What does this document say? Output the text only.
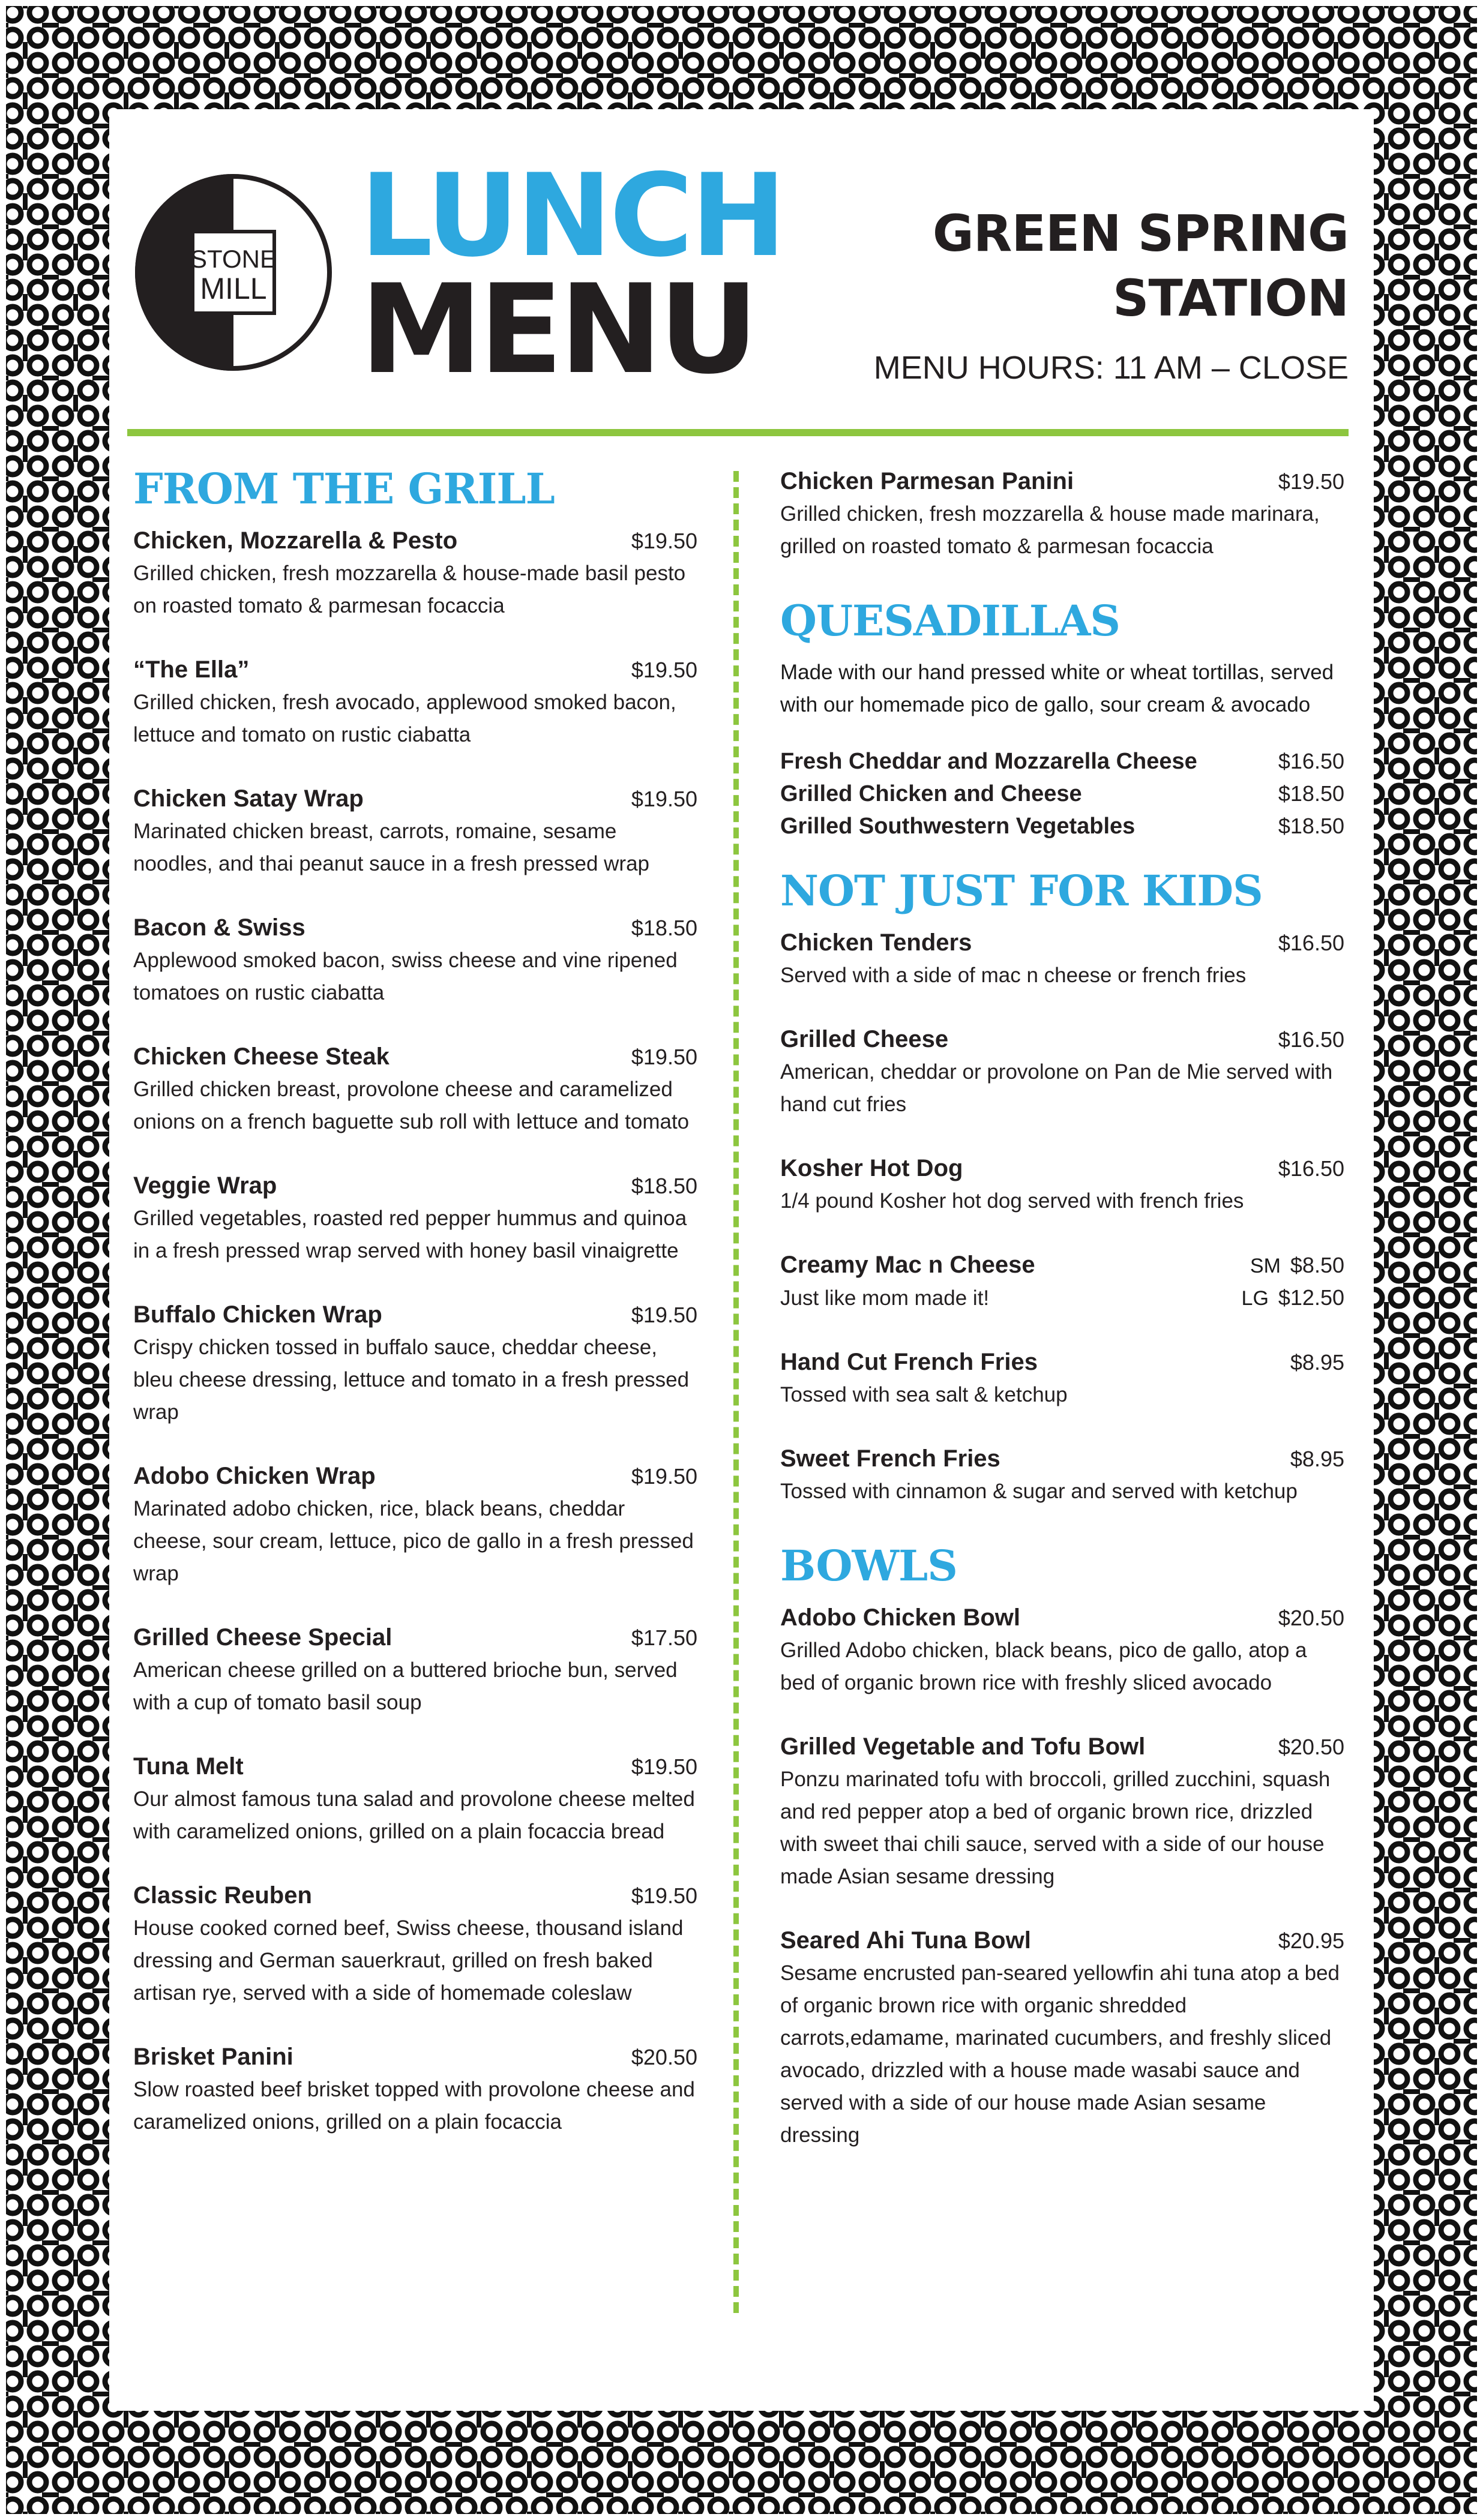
STONE
MILL
LUNCH
MENU
GREEN SPRING
STATION
MENU HOURS: 11 AM – CLOSE
FROM THE GRILL
Chicken, Mozzarella & Pesto	$19.50
Grilled chicken, fresh mozzarella & house-made basil pesto on roasted tomato & parmesan focaccia
“The Ella”	$19.50
Grilled chicken, fresh avocado, applewood smoked bacon, lettuce and tomato on rustic ciabatta
Chicken Satay Wrap	$19.50
Marinated chicken breast, carrots, romaine, sesame noodles, and thai peanut sauce in a fresh pressed wrap
Bacon & Swiss	$18.50
Applewood smoked bacon, swiss cheese and vine ripened tomatoes on rustic ciabatta
Chicken Cheese Steak	$19.50
Grilled chicken breast, provolone cheese and caramelized onions on a french baguette sub roll with lettuce and tomato
Veggie Wrap	$18.50
Grilled vegetables, roasted red pepper hummus and quinoa in a fresh pressed wrap served with honey basil vinaigrette
Buffalo Chicken Wrap	$19.50
Crispy chicken tossed in buffalo sauce, cheddar cheese, bleu cheese dressing, lettuce and tomato in a fresh pressed wrap
Adobo Chicken Wrap	$19.50
Marinated adobo chicken, rice, black beans, cheddar cheese, sour cream, lettuce, pico de gallo in a fresh pressed wrap
Grilled Cheese Special	$17.50
American cheese grilled on a buttered brioche bun, served with a cup of tomato basil soup
Tuna Melt	$19.50
Our almost famous tuna salad and provolone cheese melted with caramelized onions, grilled on a plain focaccia bread
Classic Reuben	$19.50
House cooked corned beef, Swiss cheese, thousand island dressing and German sauerkraut, grilled on fresh baked artisan rye, served with a side of homemade coleslaw
Brisket Panini	$20.50
Slow roasted beef brisket topped with provolone cheese and caramelized onions, grilled on a plain focaccia
Chicken Parmesan Panini	$19.50
Grilled chicken, fresh mozzarella & house made marinara, grilled on roasted tomato & parmesan focaccia
QUESADILLAS
Made with our hand pressed white or wheat tortillas, served with our homemade pico de gallo, sour cream & avocado
Fresh Cheddar and Mozzarella Cheese	$16.50
Grilled Chicken and Cheese	$18.50
Grilled Southwestern Vegetables	$18.50
NOT JUST FOR KIDS
Chicken Tenders	$16.50
Served with a side of mac n cheese or french fries
Grilled Cheese	$16.50
American, cheddar or provolone on Pan de Mie served with hand cut fries
Kosher Hot Dog	$16.50
1/4 pound Kosher hot dog served with french fries
Creamy Mac n Cheese	SM $8.50
Just like mom made it!	LG $12.50
Hand Cut French Fries	$8.95
Tossed with sea salt & ketchup
Sweet French Fries	$8.95
Tossed with cinnamon & sugar and served with ketchup
BOWLS
Adobo Chicken Bowl	$20.50
Grilled Adobo chicken, black beans, pico de gallo, atop a bed of organic brown rice with freshly sliced avocado
Grilled Vegetable and Tofu Bowl	$20.50
Ponzu marinated tofu with broccoli, grilled zucchini, squash and red pepper atop a bed of organic brown rice, drizzled with sweet thai chili sauce, served with a side of our house made Asian sesame dressing
Seared Ahi Tuna Bowl	$20.95
Sesame encrusted pan-seared yellowfin ahi tuna atop a bed of organic brown rice with organic shredded carrots,edamame, marinated cucumbers, and freshly sliced avocado, drizzled with a house made wasabi sauce and served with a side of our house made Asian sesame dressing
